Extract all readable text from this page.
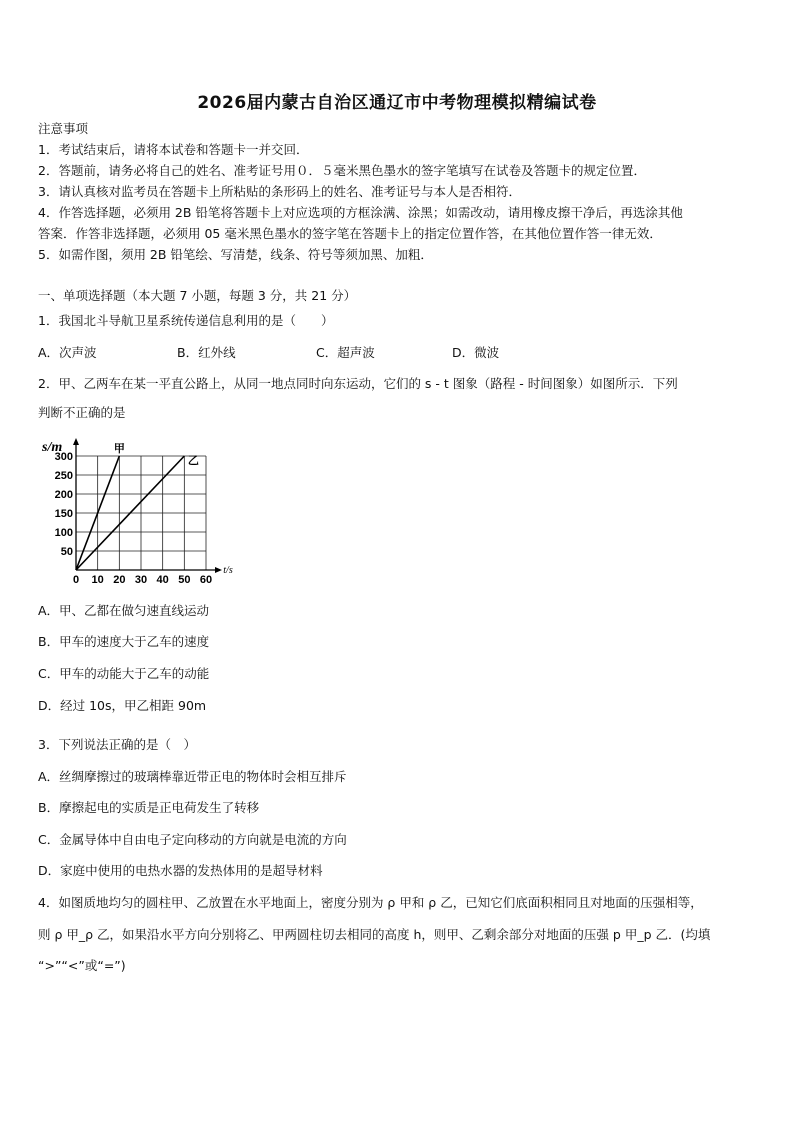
2026届内蒙古自治区通辽市中考物理模拟精编试卷
注意事项
1．考试结束后，请将本试卷和答题卡一并交回．
2．答题前，请务必将自己的姓名、准考证号用０．５毫米黑色墨水的签字笔填写在试卷及答题卡的规定位置．
3．请认真核对监考员在答题卡上所粘贴的条形码上的姓名、准考证号与本人是否相符．
4．作答选择题，必须用 2B 铅笔将答题卡上对应选项的方框涂满、涂黑；如需改动，请用橡皮擦干净后，再选涂其他
答案．作答非选择题，必须用 05 毫米黑色墨水的签字笔在答题卡上的指定位置作答，在其他位置作答一律无效．
5．如需作图，须用 2B 铅笔绘、写清楚，线条、符号等须加黑、加粗．
一、单项选择题（本大题 7 小题，每题 3 分，共 21 分）
1．我国北斗导航卫星系统传递信息利用的是（　　）
A．次声波	B．红外线	C．超声波	D．微波
2．甲、乙两车在某一平直公路上，从同一地点同时向东运动，它们的 s - t 图象（路程 - 时间图象）如图所示．下列
判断不正确的是
0 10 20 30 40 50 60
50
100
150
200
250
300
t/s
s/m	甲
乙
A．甲、乙都在做匀速直线运动
B．甲车的速度大于乙车的速度
C．甲车的动能大于乙车的动能
D．经过 10s，甲乙相距 90m
3．下列说法正确的是（　）
A．丝绸摩擦过的玻璃棒靠近带正电的物体时会相互排斥
B．摩擦起电的实质是正电荷发生了转移
C．金属导体中自由电子定向移动的方向就是电流的方向
D．家庭中使用的电热水器的发热体用的是超导材料
4．如图质地均匀的圆柱甲、乙放置在水平地面上，密度分别为 ρ 甲和 ρ 乙，已知它们底面积相同且对地面的压强相等，
则 ρ 甲_ρ 乙，如果沿水平方向分别将乙、甲两圆柱切去相同的高度 h，则甲、乙剩余部分对地面的压强 p 甲_p 乙．(均填
“>”“<”或“=”)
